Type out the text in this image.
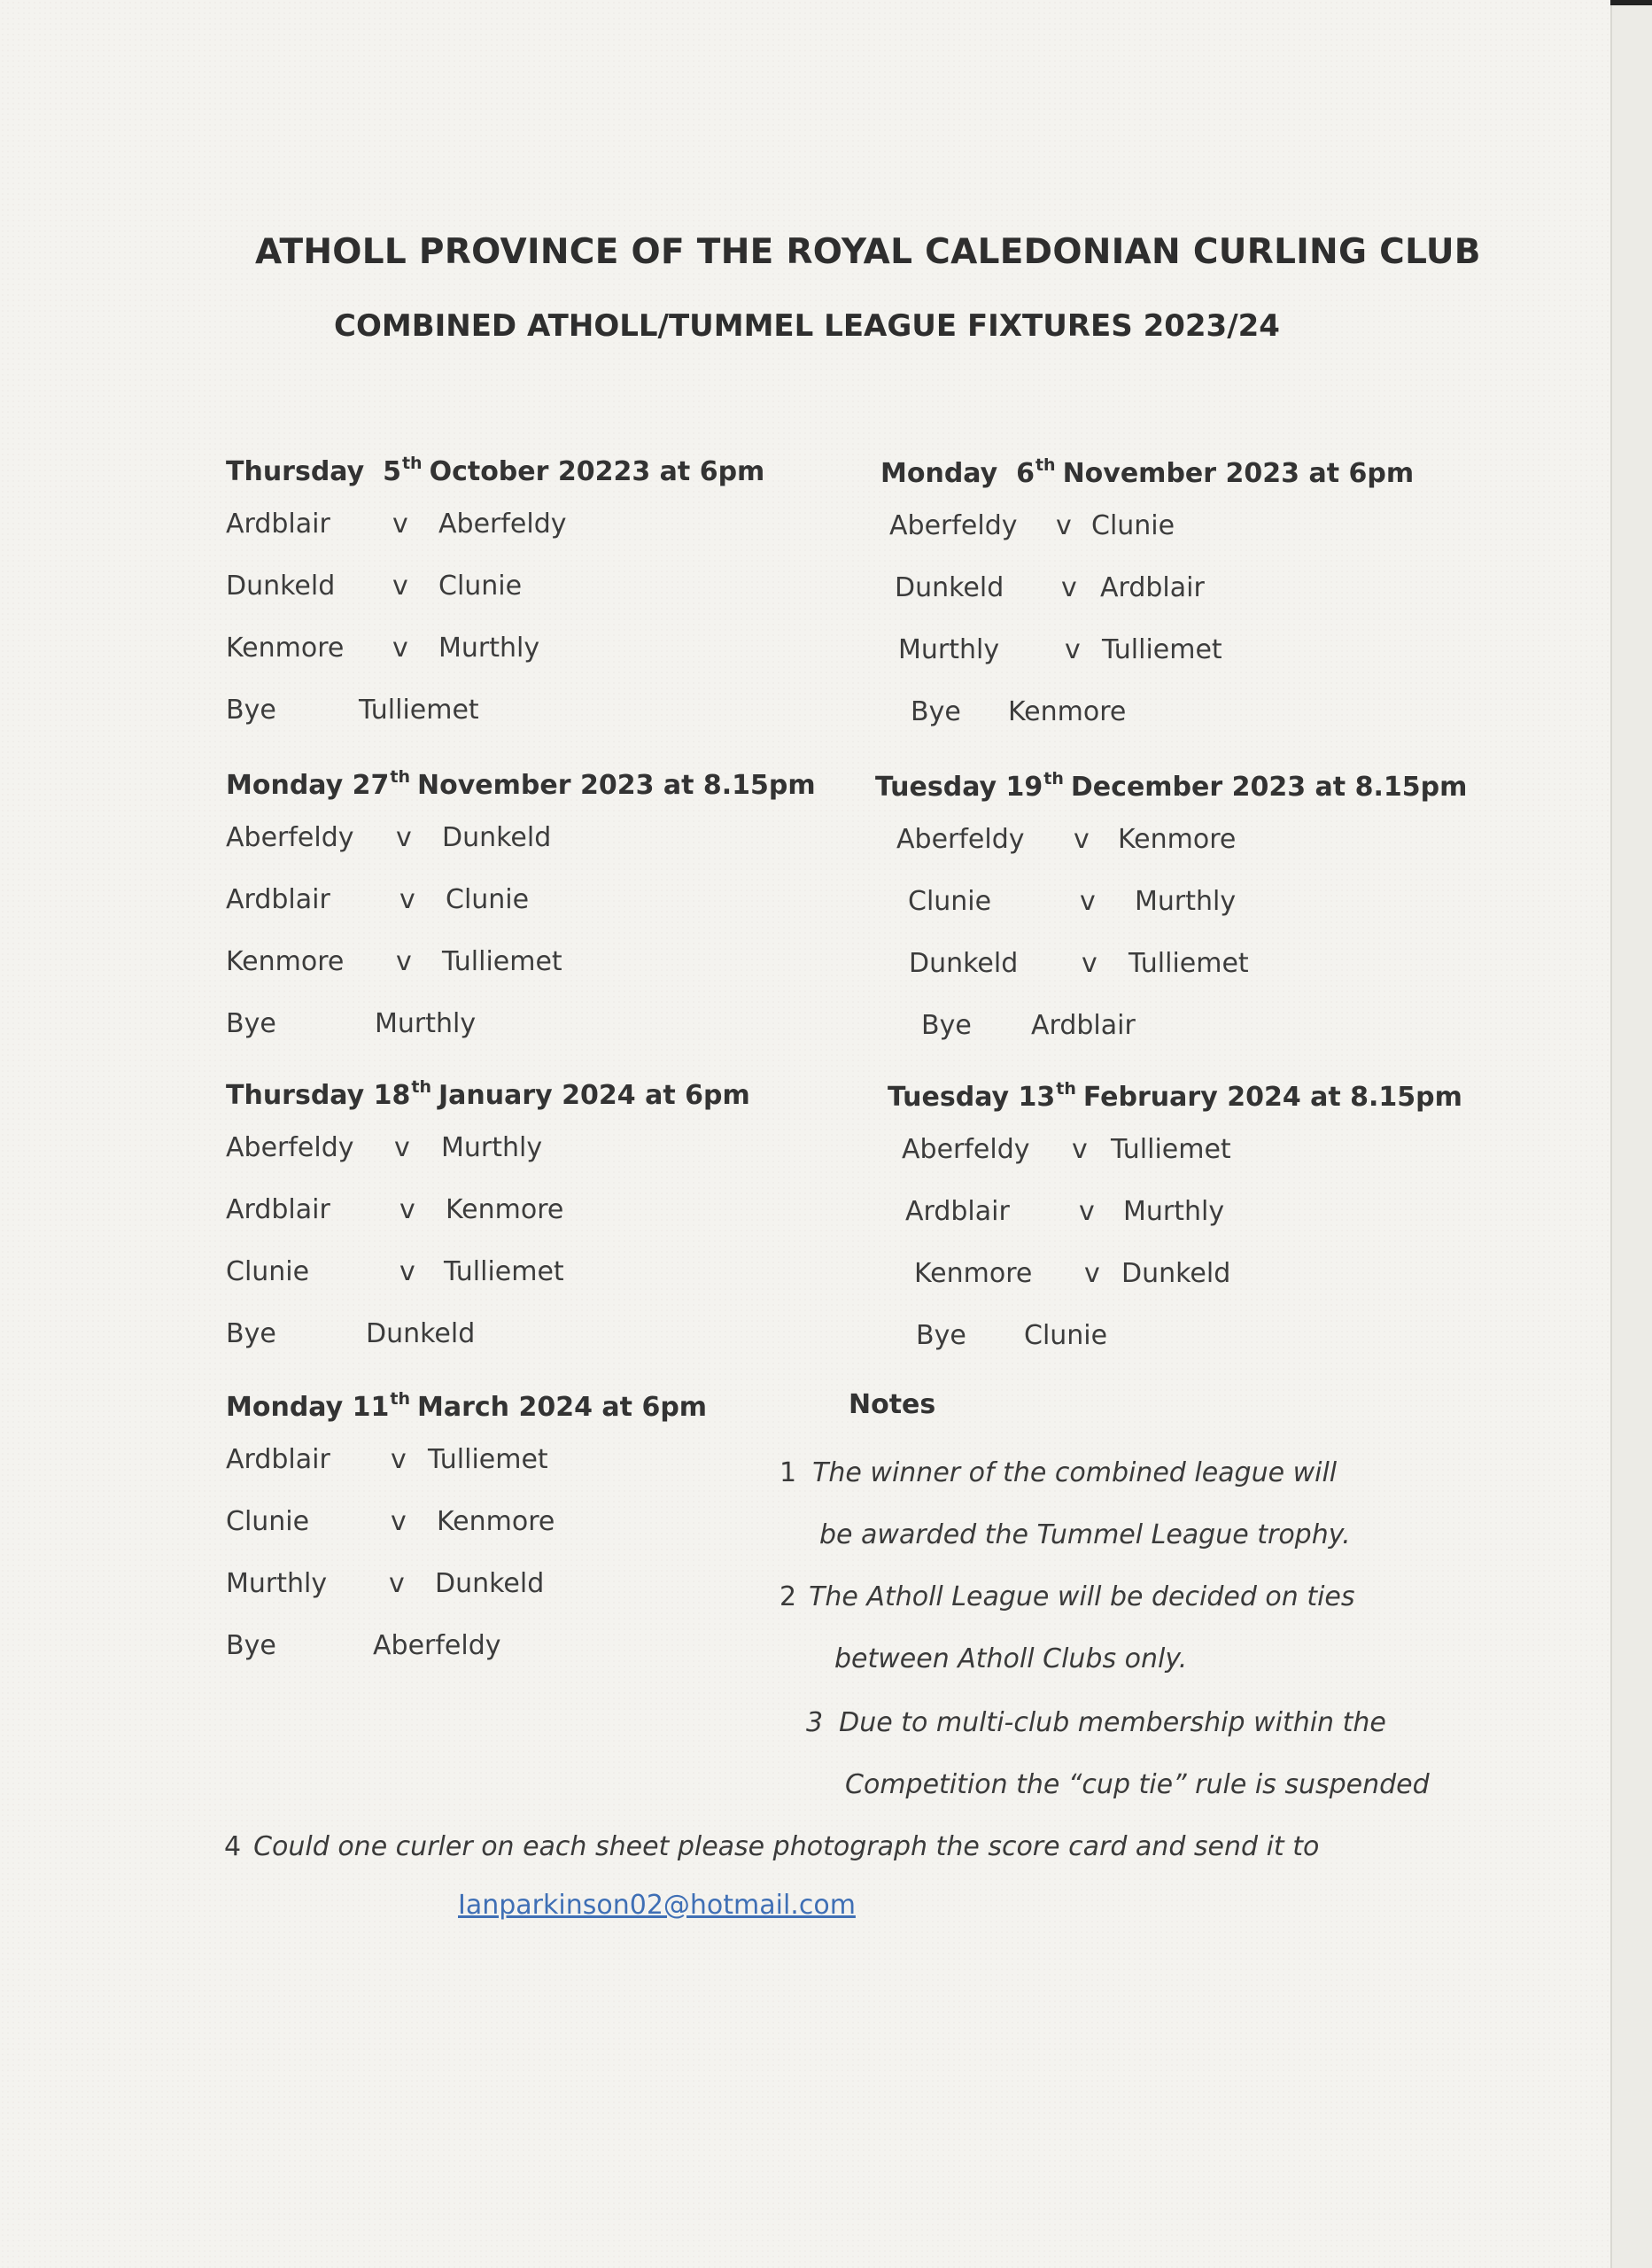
ATHOLL PROVINCE OF THE ROYAL CALEDONIAN CURLING CLUB
COMBINED ATHOLL/TUMMEL LEAGUE FIXTURES 2023/24
Thursday 5th October 20223 at 6pm
Ardblair v Aberfeldy
Dunkeld v Clunie
Kenmore v Murthly
Bye	Tulliemet
Monday 6th November 2023 at 6pm
Aberfeldy v Clunie
Dunkeld v Ardblair
Murthly v Tulliemet
Bye Kenmore
Monday 27th November 2023 at 8.15pm
Aberfeldy v Dunkeld
Ardblair	v Clunie
Kenmore v Tulliemet
Bye	Murthly
Tuesday 19th December 2023 at 8.15pm
Aberfeldy v Kenmore
Clunie	v Murthly
Dunkeld v Tulliemet
Bye Ardblair
Thursday 18th January 2024 at 6pm
Aberfeldy v Murthly
Ardblair	v Kenmore
Clunie	v Tulliemet
Bye	Dunkeld
Tuesday 13th February 2024 at 8.15pm
Aberfeldy v Tulliemet
Ardblair	v Murthly
Kenmore v Dunkeld
Bye Clunie
Monday 11th March 2024 at 6pm
Ardblair v Tulliemet
Clunie	v Kenmore
Murthly v Dunkeld
Bye	Aberfeldy
Notes
1 The winner of the combined league will
be awarded the Tummel League trophy.
2 The Atholl League will be decided on ties
between Atholl Clubs only.
3 Due to multi-club membership within the
Competition the “cup tie” rule is suspended
4 Could one curler on each sheet please photograph the score card and send it to
Ianparkinson02@hotmail.com
